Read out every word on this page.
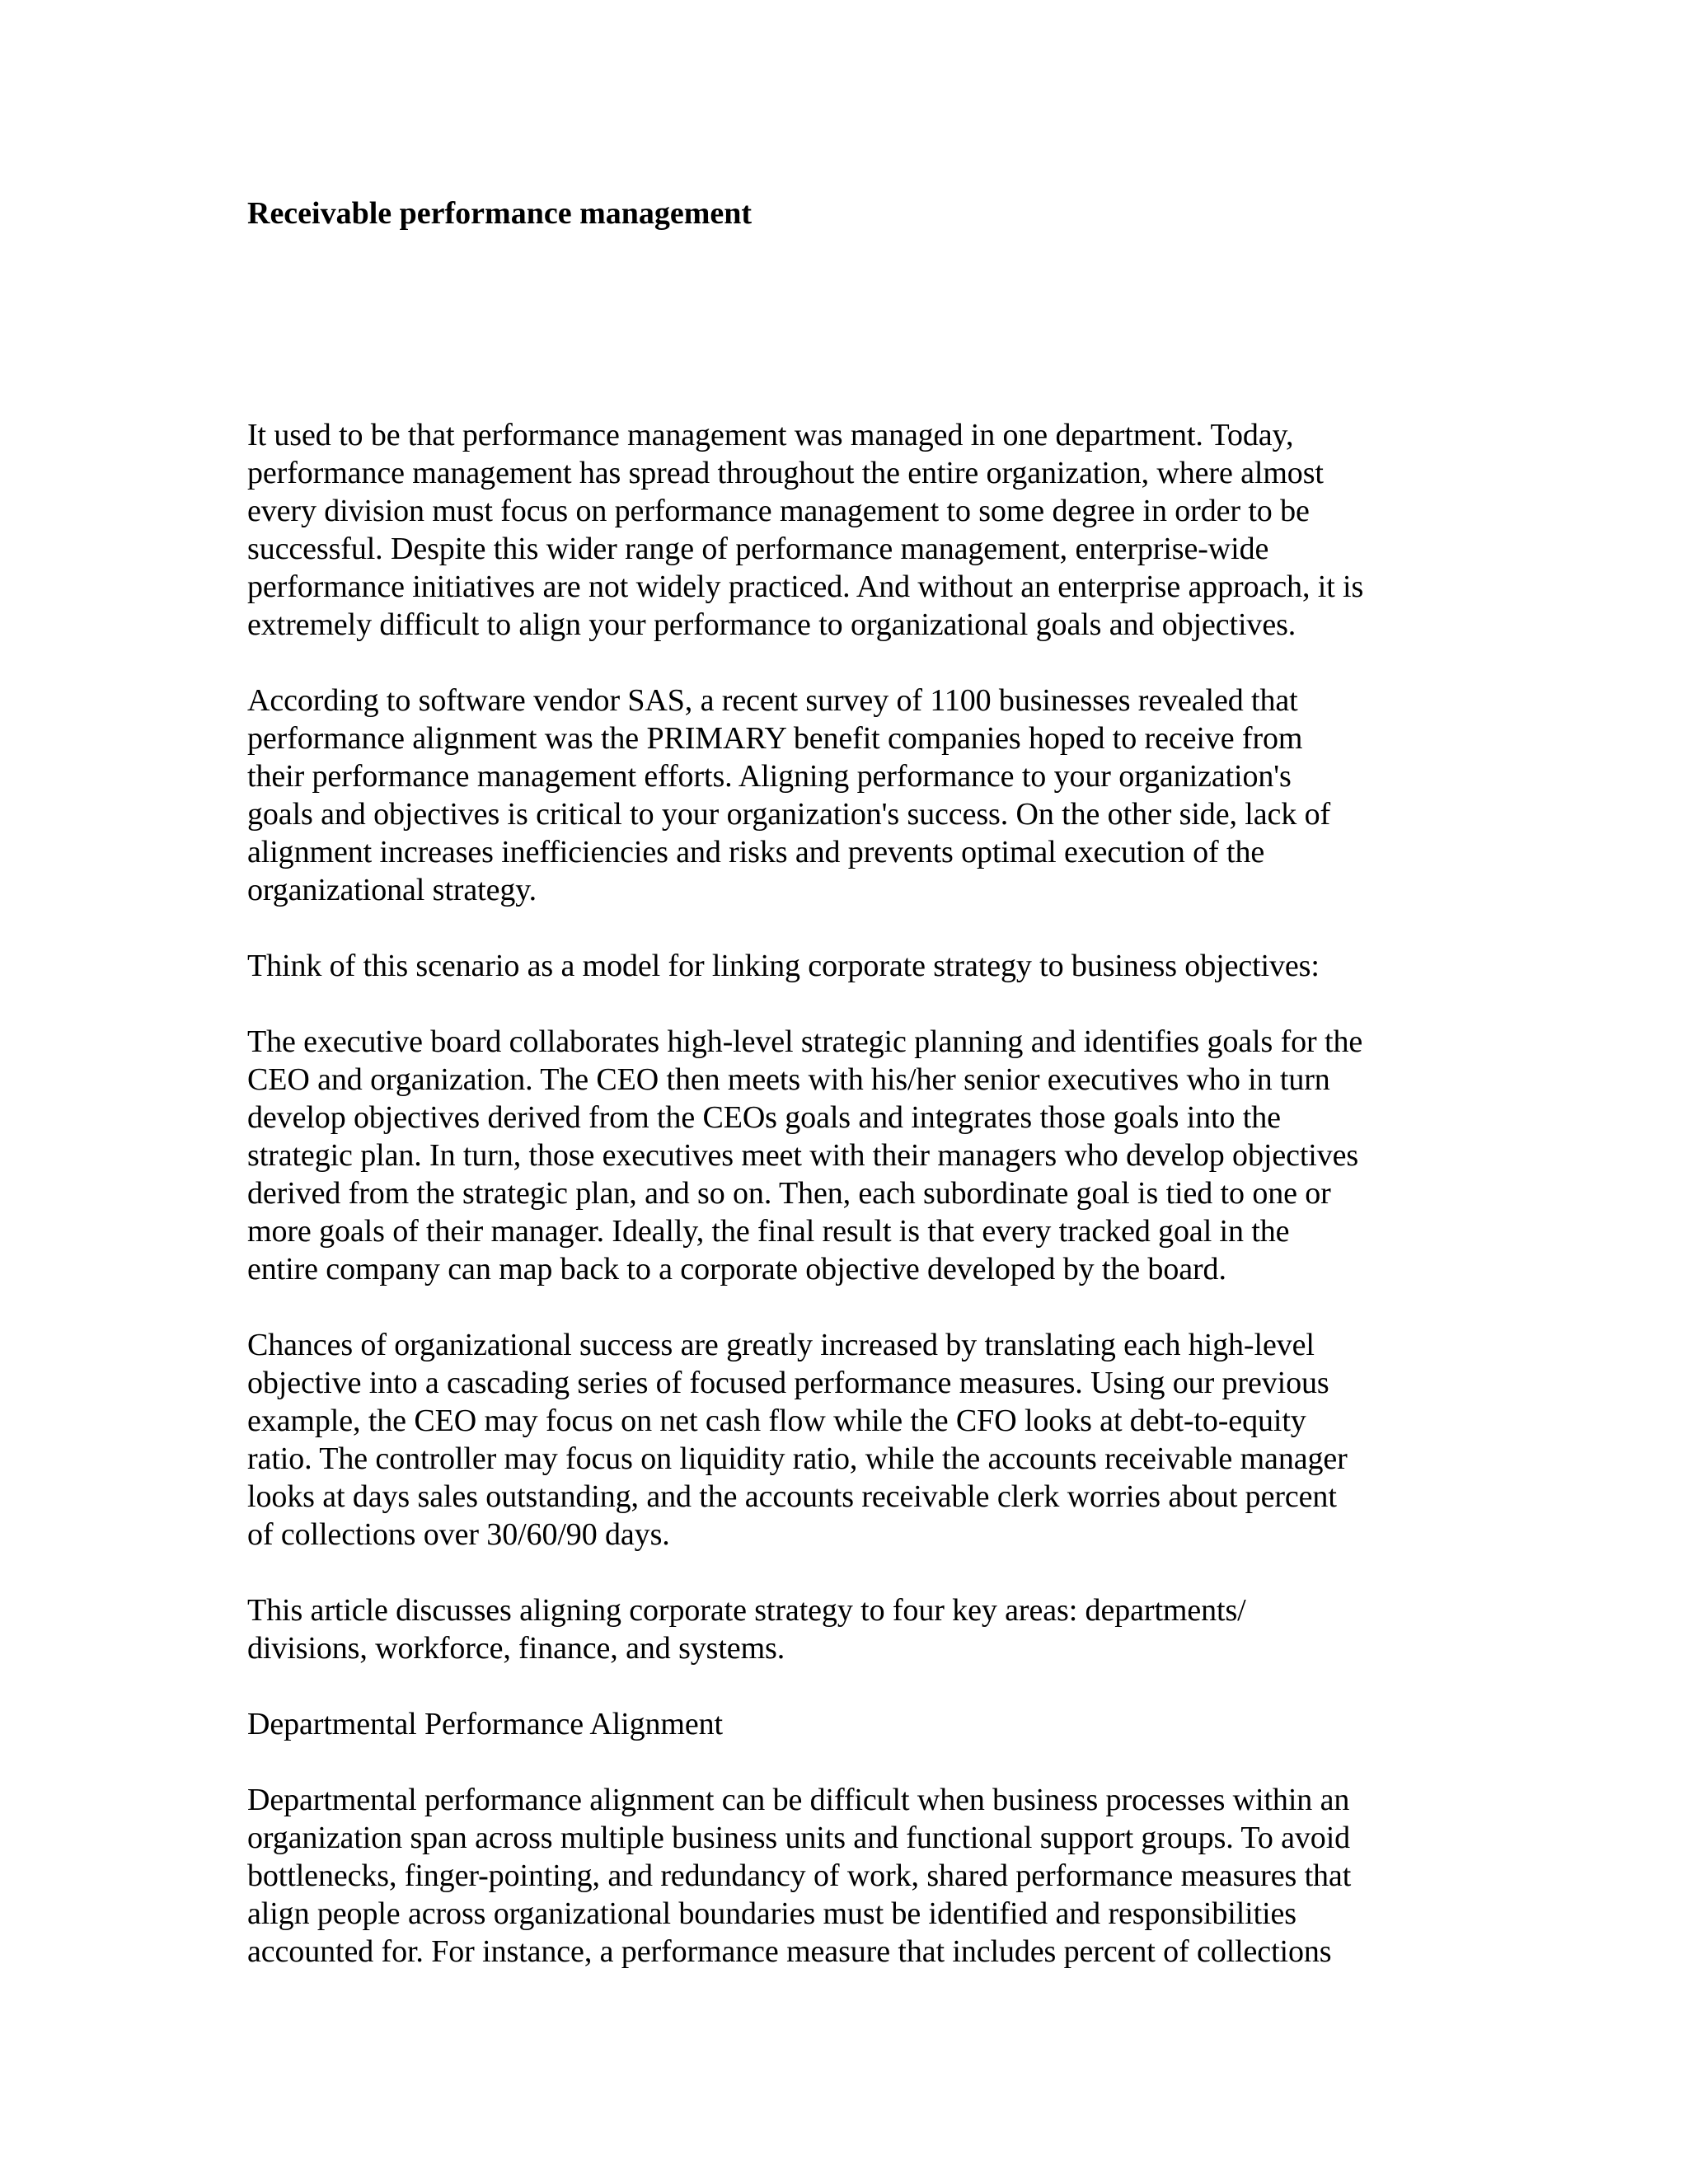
Receivable performance management

It used to be that performance management was managed in one department. Today,
performance management has spread throughout the entire organization, where almost
every division must focus on performance management to some degree in order to be
successful. Despite this wider range of performance management, enterprise-wide
performance initiatives are not widely practiced. And without an enterprise approach, it is
extremely difficult to align your performance to organizational goals and objectives.

According to software vendor SAS, a recent survey of 1100 businesses revealed that
performance alignment was the PRIMARY benefit companies hoped to receive from
their performance management efforts. Aligning performance to your organization's
goals and objectives is critical to your organization's success. On the other side, lack of
alignment increases inefficiencies and risks and prevents optimal execution of the
organizational strategy.

Think of this scenario as a model for linking corporate strategy to business objectives:

The executive board collaborates high-level strategic planning and identifies goals for the
CEO and organization. The CEO then meets with his/her senior executives who in turn
develop objectives derived from the CEOs goals and integrates those goals into the
strategic plan. In turn, those executives meet with their managers who develop objectives
derived from the strategic plan, and so on. Then, each subordinate goal is tied to one or
more goals of their manager. Ideally, the final result is that every tracked goal in the
entire company can map back to a corporate objective developed by the board.

Chances of organizational success are greatly increased by translating each high-level
objective into a cascading series of focused performance measures. Using our previous
example, the CEO may focus on net cash flow while the CFO looks at debt-to-equity
ratio. The controller may focus on liquidity ratio, while the accounts receivable manager
looks at days sales outstanding, and the accounts receivable clerk worries about percent
of collections over 30/60/90 days.

This article discusses aligning corporate strategy to four key areas: departments/
divisions, workforce, finance, and systems.

Departmental Performance Alignment

Departmental performance alignment can be difficult when business processes within an
organization span across multiple business units and functional support groups. To avoid
bottlenecks, finger-pointing, and redundancy of work, shared performance measures that
align people across organizational boundaries must be identified and responsibilities
accounted for. For instance, a performance measure that includes percent of collections
